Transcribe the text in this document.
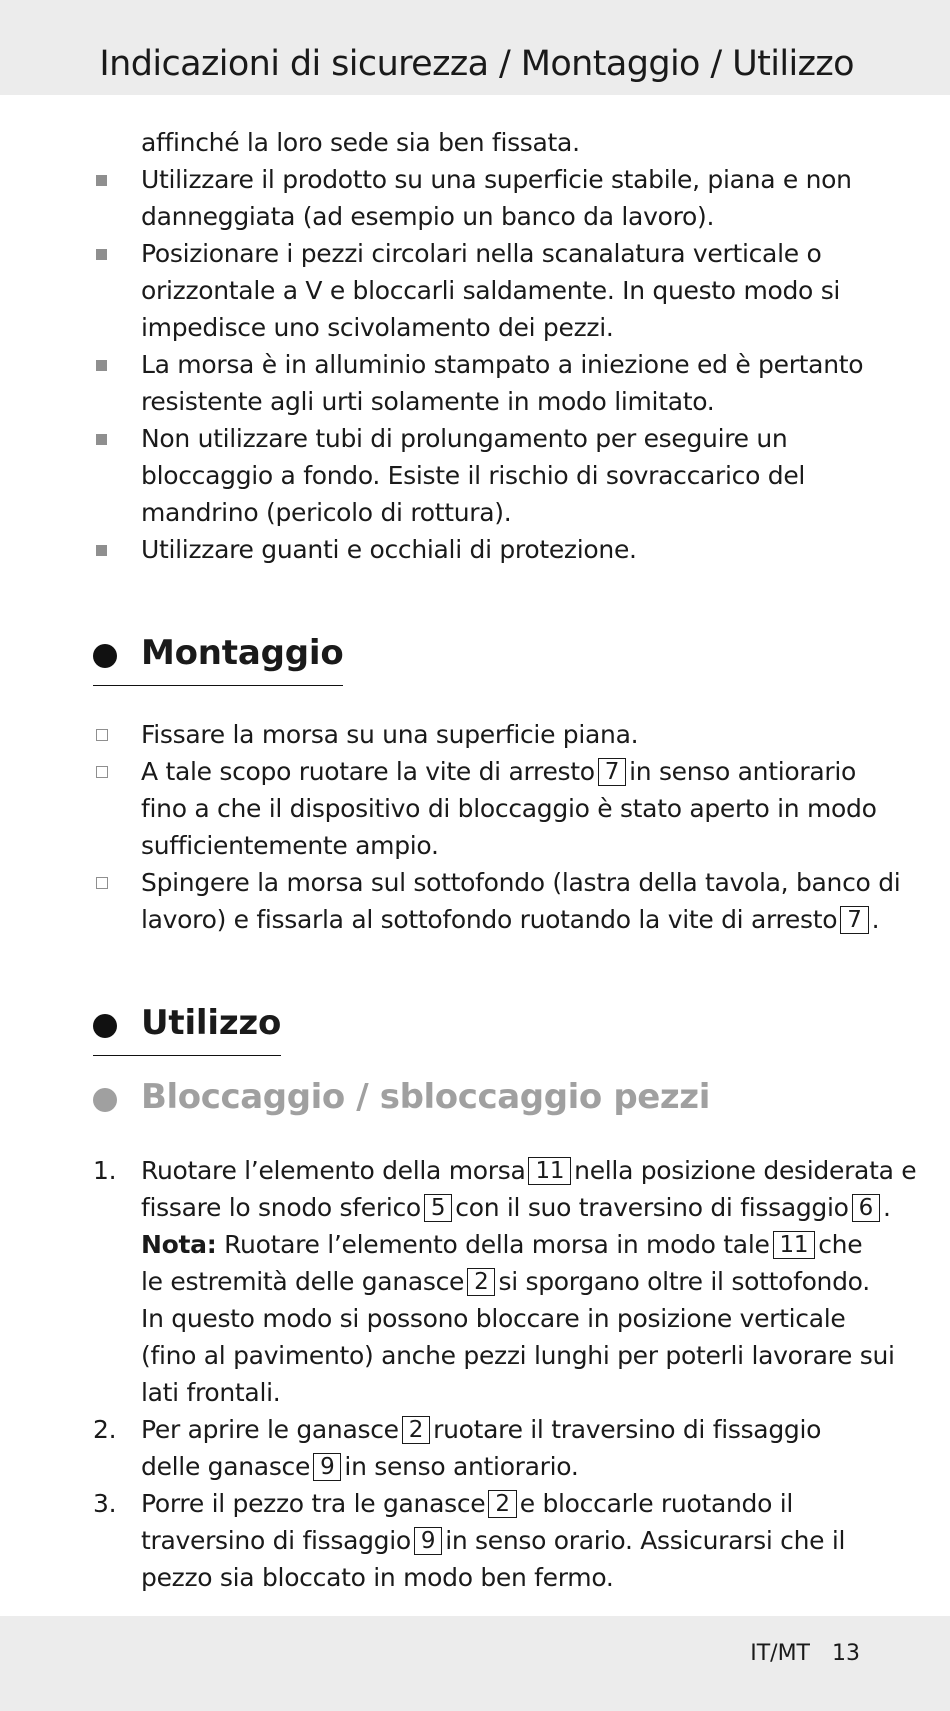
Indicazioni di sicurezza / Montaggio / Utilizzo
affinché la loro sede sia ben fissata.
Utilizzare il prodotto su una superficie stabile, piana e non
danneggiata (ad esempio un banco da lavoro).
Posizionare i pezzi circolari nella scanalatura verticale o
orizzontale a V e bloccarli saldamente. In questo modo si
impedisce uno scivolamento dei pezzi.
La morsa è in alluminio stampato a iniezione ed è pertanto
resistente agli urti solamente in modo limitato.
Non utilizzare tubi di prolungamento per eseguire un
bloccaggio a fondo. Esiste il rischio di sovraccarico del
mandrino (pericolo di rottura).
Utilizzare guanti e occhiali di protezione.
Montaggio
Fissare la morsa su una superficie piana.
A tale scopo ruotare la vite di arresto 7 in senso antiorario
fino a che il dispositivo di bloccaggio è stato aperto in modo
sufficientemente ampio.
Spingere la morsa sul sottofondo (lastra della tavola, banco di
lavoro) e fissarla al sottofondo ruotando la vite di arresto 7 .
Utilizzo
Bloccaggio / sbloccaggio pezzi
1. Ruotare l’elemento della morsa 11 nella posizione desiderata e
fissare lo snodo sferico 5 con il suo traversino di fissaggio 6 .
Nota: Ruotare l’elemento della morsa in modo tale 11 che
le estremità delle ganasce 2 si sporgano oltre il sottofondo.
In questo modo si possono bloccare in posizione verticale
(fino al pavimento) anche pezzi lunghi per poterli lavorare sui
lati frontali.
2. Per aprire le ganasce 2 ruotare il traversino di fissaggio
delle ganasce 9 in senso antiorario.
3. Porre il pezzo tra le ganasce 2 e bloccarle ruotando il
traversino di fissaggio 9 in senso orario. Assicurarsi che il
pezzo sia bloccato in modo ben fermo.
IT/MT 13
